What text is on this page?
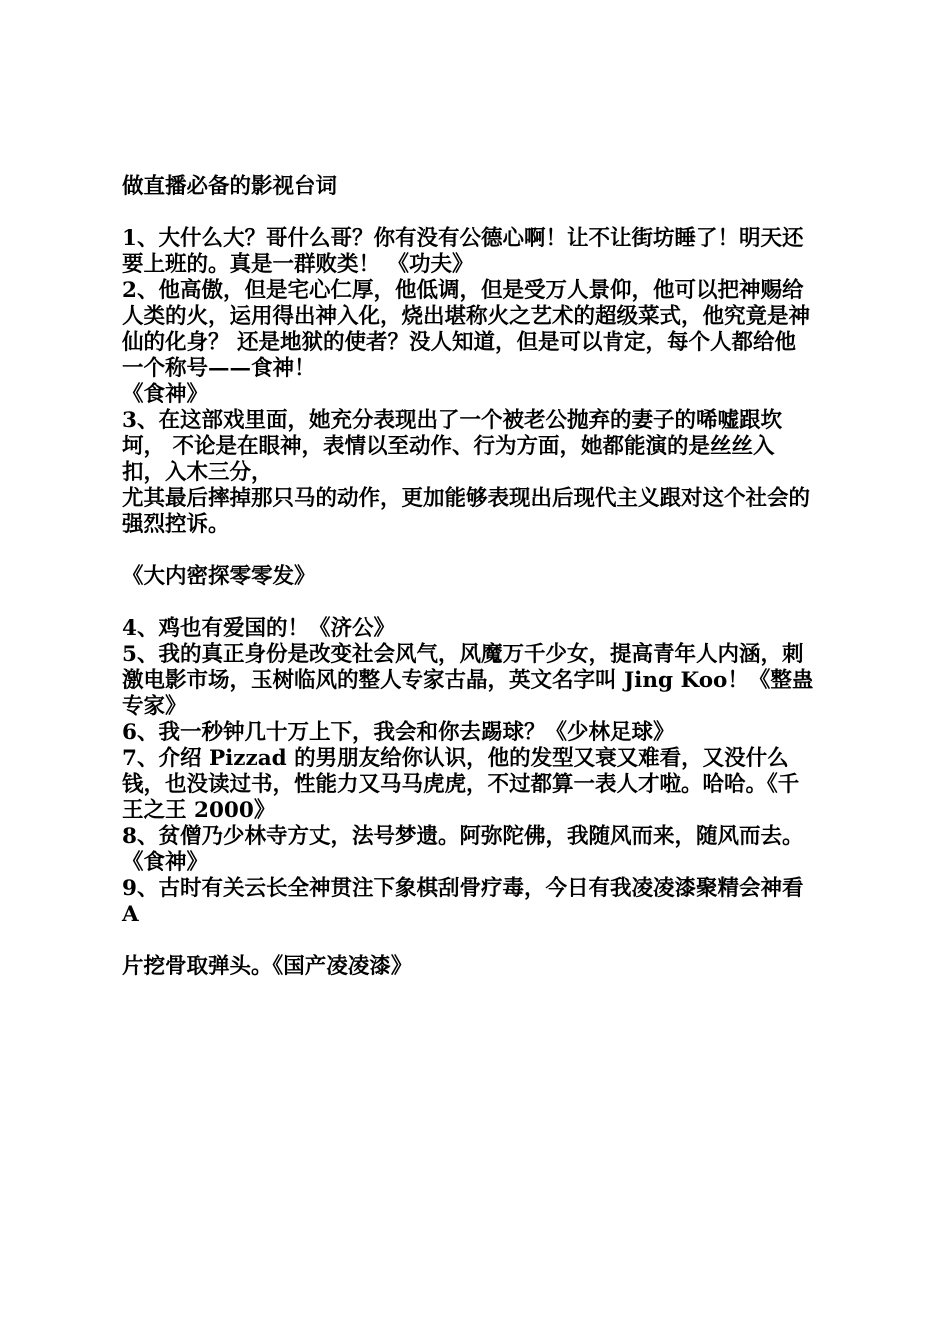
做直播必备的影视台词
1、大什么大？哥什么哥？你有没有公德心啊！让不让街坊睡了！明天还
要上班的。真是一群败类！ 《功夫》
2、他高傲，但是宅心仁厚，他低调，但是受万人景仰，他可以把神赐给
人类的火，运用得出神入化，烧出堪称火之艺术的超级菜式，他究竟是神
仙的化身？ 还是地狱的使者？没人知道，但是可以肯定，每个人都给他
一个称号——食神！
《食神》
3、在这部戏里面，她充分表现出了一个被老公抛弃的妻子的唏嘘跟坎
坷， 不论是在眼神，表情以至动作、行为方面，她都能演的是丝丝入
扣，入木三分，
尤其最后摔掉那只马的动作，更加能够表现出后现代主义跟对这个社会的
强烈控诉。
《大内密探零零发》
4、鸡也有爱国的！《济公》
5、我的真正身份是改变社会风气，风魔万千少女，提高青年人内涵，刺
激电影市场，玉树临风的整人专家古晶，英文名字叫 Jing Koo！《整蛊
专家》
6、我一秒钟几十万上下，我会和你去踢球？《少林足球》
7、介绍 Pizzad 的男朋友给你认识，他的发型又衰又难看，又没什么
钱，也没读过书，性能力又马马虎虎，不过都算一表人才啦。哈哈。《千
王之王 2000》
8、贫僧乃少林寺方丈，法号梦遗。阿弥陀佛，我随风而来，随风而去。
《食神》
9、古时有关云长全神贯注下象棋刮骨疗毒，今日有我凌凌漆聚精会神看
A
片挖骨取弹头。《国产凌凌漆》
